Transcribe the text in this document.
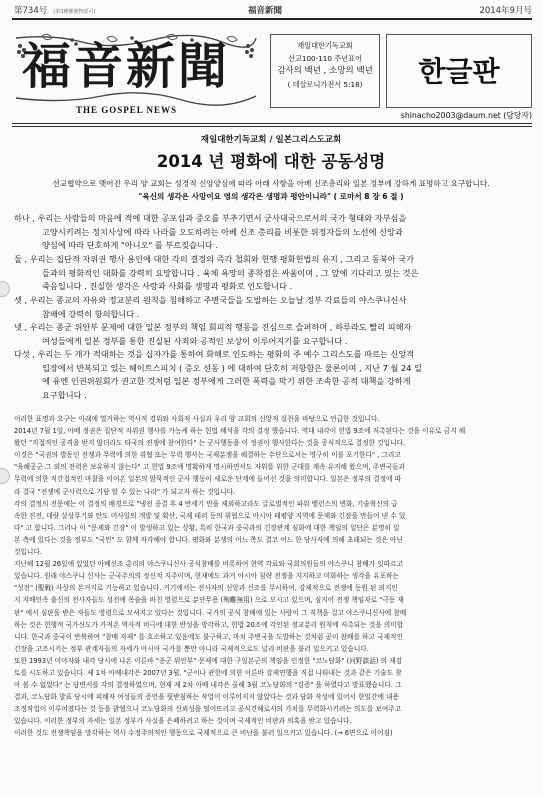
第734号 (第3種郵便物認可)	福音新聞	2014年9月号
福音新聞
THE GOSPEL NEWS
재일대한기독교회
선교100-110 주년표어
감사의 백년 , 소망의 백년
( 데살로니가전서 5:18)	한글판
shinacho2003@daum.net (담당자)
재일대한기독교회 / 일본그리스도교회
2014 년 평화에 대한 공동성명
선교협약으로 맺어진 우리 양 교회는 성경적 신앙양심에 따라 아래 사항을 아베 신조총리와 일본 정부에 강하게 표명하고 요구합니다.
"육신의 생각은 사망이요 영의 생각은 생명과 평안이니라" ( 로마서 8 장 6 절 )
하나 , 우리는 사람들의 마음에 적에 대한 공포심과 증오를 부추기면서 군사대국으로서의 국가 형태와 자부심을
고양시키려는 정치사상에 따라 나라를 오도하려는 아베 신조 총리를 비롯한 위정자들의 노선에 신앙과
양심에 따라 단호하게 "아니오" 를 부르짖습니다 .
둘 , 우리는 집단적 자위권 행사 용인에 대한 각의 결정의 즉각 철회와 헌행 평화헌법의 유지 , 그리고 동북아 국가
들과의 평화적인 대화를 강력히 요망합니다 . 육체 욕망의 종착점은 싸움이며 , 그 앞에 기다리고 있는 것은
죽음입니다 . 진실한 생각은 사랑과 사회를 생명과 평화로 인도합니다 .
셋 , 우리는 종교의 자유와 정교분리 원칙을 침해하고 주변국들을 도발하는 오늘날 정부 각료들의 야스쿠니신사
참배에 강력히 항의합니다 .
넷 , 우리는 종군 위안부 문제에 대한 일본 정부의 책임 회피적 행동을 진심으로 슬퍼하며 , 하루라도 빨리 피해자
여성들에게 일본 정부를 통한 진실된 사죄와 공적인 보상이 이루어지기를 요구합니다 .
다섯 , 우리는 두 개가 적대하는 것을 십자가를 통하여 화해로 인도하는 평화의 주 예수 그리스도를 따르는 신앙적
입장에서 반복되고 있는 헤이트스피치 ( 증오 선동 ) 에 대하여 단호히 저항함은 물론이며 , 지난 7 월 24 일
에 유엔 인권위원회가 권고한 것처럼 일본 정부에게 그러한 폭력을 막기 위한 조속한 공적 대책을 강하게
요구합니다 .
이러한 표명과 요구는 아래에 열거하는 역사적 경위와 사회적 사실과 우리 양 교회의 신앙적 실천을 바탕으로 언급한 것입니다.
2014년 7월 1일, 아베 정권은 집단적 자위권 행사를 가능케 하는 헌법 해석을 각의 결정 했습니다. 역대 내각이 헌법 9조에 저촉된다는 것을 이유로 금지 해
왔던 "직접적인 공격을 받지 않더라도 타국의 전쟁에 참여한다" 는 군사행동을 이 정권이 행사한다는 것을 공식적으로 결정한 것입니다.
이것은 "국권의 발동인 전쟁과 무력에 의한 위협 또는 무력 행사는 국제분쟁을 해결하는 수단으로서는 영구히 이를 포기한다" , 그리고
"육해공군 그 외의 전력은 보유하지 않는다" 고 헌법 9조에 명확하게 명시하면서도 자위를 위한 군대를 계속 유지해 왔으며, 주변국들과
무력에 의한 직간접적인 마찰을 이어온 일본의 암묵적인 군사 행동이 새로운 단계에 들어선 것을 의미합니다. 일본은 정부의 결정에 따
라 결국 "전쟁에 군사력으로 가담 할 수 있는 나라" 가 되고자 하는 것입니다.
각의 결정의 전문에는 이 결정의 배경으로 "냉전 종결 후 4 반세기 만을 제외하고라도 글로벌적인 파워 밸런스의 변화, 기술혁신의 급
속한 진전, 대량 살상무기와 탄도 미사일의 개발 및 확산, 국제 테러 등의 위협으로 아시아 태평양 지역에 문제와 긴장을 만들어 낸 수 있
다" 고 합니다. 그러나 이 "문제와 긴장" 이 발생하고 있는 상황, 특히 한국과 중국과의 긴장관계 심화에 대한 책임의 일단은 분명히 일
본 측에 있다는 것을 정부도 "국민" 도 함께 자각해야 합니다. 평화와 분쟁의 어느 쪽도 결코 어느 한 당사자에 의해 초래되는 것은 아닌
것입니다.
지난해 12월 26일에 있었던 아베신조 총리의 야스쿠니신사 공식참배를 비롯하여 현역 각료와 국회의원들의 야스쿠니 참배가 잇따르고
있습니다. 원래 야스쿠니 신사는 군국주의의 정신적 지주이며, 현재에도 과거 아시아 침략 전쟁을 지지하고 미화하는 생각을 유포하는
"성전" (聖戦) 사상의 본거지로 기능하고 있습니다. 거기에서는 전사자의 신앙과 신조를 무시하여, 강제적으로 전쟁에 동원 된 외지인
지 지배민족 출신의 전사자들도 성전에 목숨을 바친 영령으로 분단무용 (殉難無用) 으로 모시고 있으며, 심지어 전쟁 책임자로 "극동 재
판" 에서 심판을 받은 자들도 영령으로 모셔지고 있다는 것입니다. 국가의 공식 참배에 있는 사람이 그 직책을 걸고 야스쿠니신사에 참배
하는 것은 헌행적 국가신도가 가져온 역사적 비극에 대한 반성을 망각하고, 헌법 20조에 각인된 정교분리 원칙에 저촉되는 것을 의미합
니다. 한국과 중국이 반복하여 "참배 자제" 를 호소하고 있음에도 불구하고, 마치 주변국을 도발하는 것처럼 공이 참배를 하고 국제적인
긴장을 고조시키는 정부 관계자들의 자세가 아시아 국가를 뿐만 아니라 국제적으로도 널리 비판을 불러 일으키고 있습니다.
또한 1993년 미야자와 내각 당시에 나온 이른바 "종군 위안부" 문제에 대한 구일본군의 책임을 인정한 "코노담화" (河野談話) 의 재검
토를 시도하고 있습니다. 제 1차 아베내각은 2007년 3월, "군이나 관헌에 의한 이른바 강제연행을 직접 나타내는 것과 같은 기술도 찾
아 볼 수 없었다" 는 답변서를 각의 결정하였으며, 현재 제 2차 아베 내각은 올해 3월 코노담화의 "검증" 을 하였다고 발표했습니다. 그
결과, 코노담화 발표 당시에 피해자 여성들의 증언을 뒷받침하는 작업이 이루어지지 않았다는 것과 담화 작성에 있어서 한일간에 내용
조정작업이 이루어졌다는 것 등을 밝혔으나 코노담화의 신뢰성을 떨어뜨리고 공식견해로서의 가치를 무력화시키려는 의도를 보여주고
있습니다. 이러한 정부의 자세는 일본 정부가 사실을 은폐하려고 하는 것이며 국제적인 비판과 의혹을 받고 있습니다.
이러한 것도 전쟁책임을 망각하는 역사 수정주의적인 행동으로 국제적으로 큰 비난을 불러 일으키고 있습니다. (→ 6면으로 이어짐)
